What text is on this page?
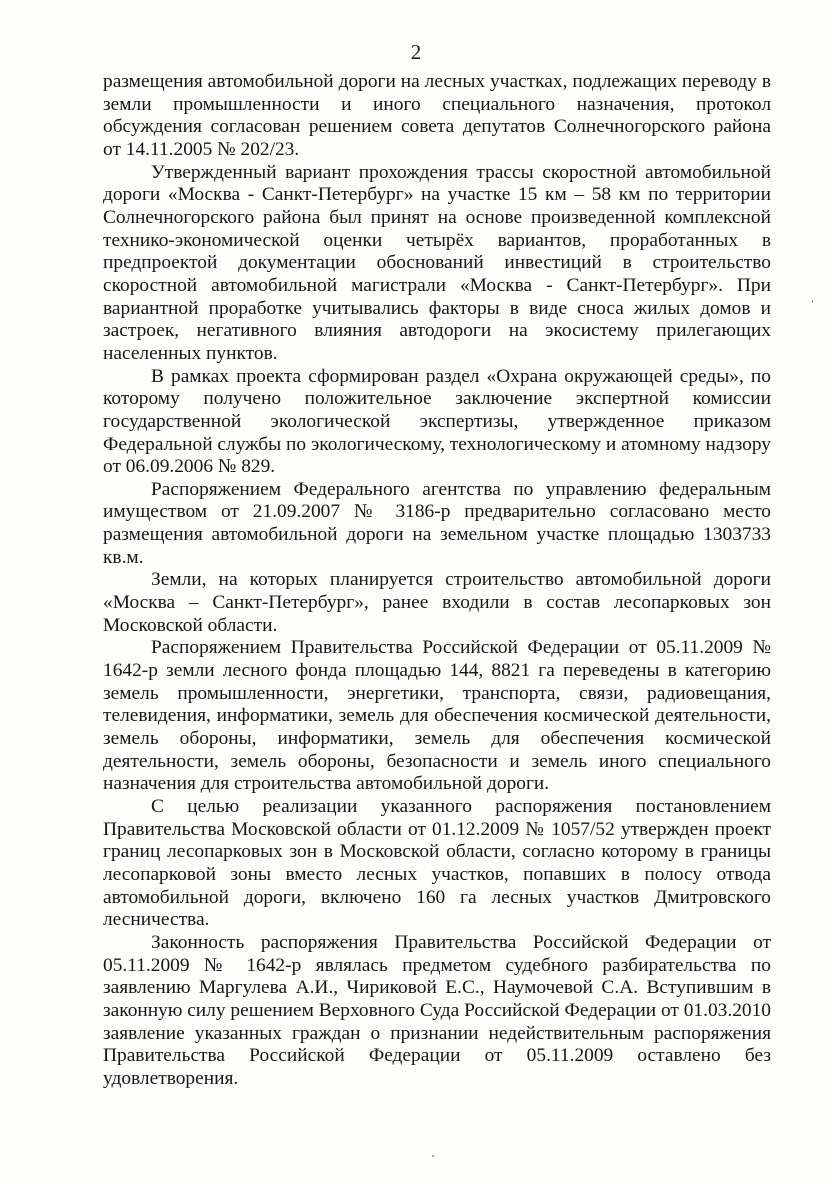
2

размещения автомобильной дороги на лесных участках, подлежащих переводу в земли промышленности и иного специального назначения, протокол обсуждения согласован решением совета депутатов Солнечногорского района от 14.11.2005 № 202/23.

Утвержденный вариант прохождения трассы скоростной автомобильной дороги «Москва - Санкт-Петербург» на участке 15 км – 58 км по территории Солнечногорского района был принят на основе произведенной комплексной технико-экономической оценки четырёх вариантов, проработанных в предпроектой документации обоснований инвестиций в строительство скоростной автомобильной магистрали «Москва - Санкт-Петербург». При вариантной проработке учитывались факторы в виде сноса жилых домов и застроек, негативного влияния автодороги на экосистему прилегающих населенных пунктов.

В рамках проекта сформирован раздел «Охрана окружающей среды», по которому получено положительное заключение экспертной комиссии государственной экологической экспертизы, утвержденное приказом Федеральной службы по экологическому, технологическому и атомному надзору от 06.09.2006 № 829.

Распоряжением Федерального агентства по управлению федеральным имуществом от 21.09.2007 № 3186-р предварительно согласовано место размещения автомобильной дороги на земельном участке площадью 1303733 кв.м.

Земли, на которых планируется строительство автомобильной дороги «Москва – Санкт-Петербург», ранее входили в состав лесопарковых зон Московской области.

Распоряжением Правительства Российской Федерации от 05.11.2009 № 1642-р земли лесного фонда площадью 144, 8821 га переведены в категорию земель промышленности, энергетики, транспорта, связи, радиовещания, телевидения, информатики, земель для обеспечения космической деятельности, земель обороны, информатики, земель для обеспечения космической деятельности, земель обороны, безопасности и земель иного специального назначения для строительства автомобильной дороги.

С целью реализации указанного распоряжения постановлением Правительства Московской области от 01.12.2009 № 1057/52 утвержден проект границ лесопарковых зон в Московской области, согласно которому в границы лесопарковой зоны вместо лесных участков, попавших в полосу отвода автомобильной дороги, включено 160 га лесных участков Дмитровского лесничества.

Законность распоряжения Правительства Российской Федерации от 05.11.2009 № 1642-р являлась предметом судебного разбирательства по заявлению Маргулева А.И., Чириковой Е.С., Наумочевой С.А. Вступившим в законную силу решением Верховного Суда Российской Федерации от 01.03.2010 заявление указанных граждан о признании недействительным распоряжения Правительства Российской Федерации от 05.11.2009 оставлено без удовлетворения.
